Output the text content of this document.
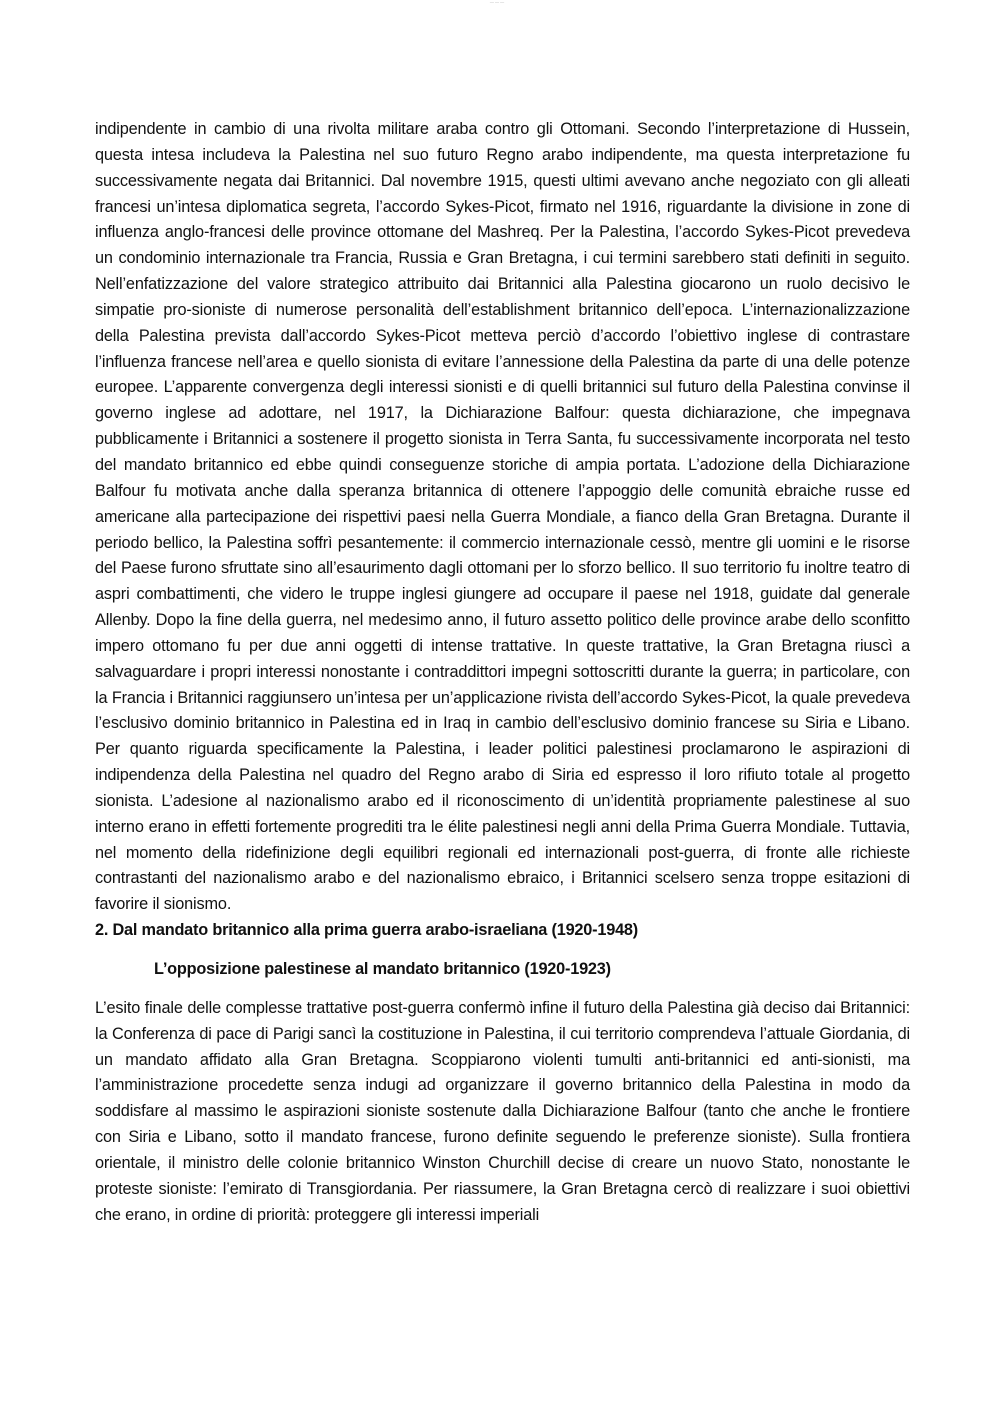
— — —

indipendente in cambio di una rivolta militare araba contro gli Ottomani. Secondo l’interpretazione di Hussein, questa intesa includeva la Palestina nel suo futuro Regno arabo indipendente, ma questa interpretazione fu successivamente negata dai Britannici. Dal novembre 1915, questi ultimi avevano anche negoziato con gli alleati francesi un’intesa diplomatica segreta, l’accordo Sykes-Picot, firmato nel 1916, riguardante la divisione in zone di influenza anglo-francesi delle province ottomane del Mashreq. Per la Palestina, l’accordo Sykes-Picot prevedeva un condominio internazionale tra Francia, Russia e Gran Bretagna, i cui termini sarebbero stati definiti in seguito. Nell’enfatizzazione del valore strategico attribuito dai Britannici alla Palestina giocarono un ruolo decisivo le simpatie pro-sioniste di numerose personalità dell’establishment britannico dell’epoca. L’internazionalizzazione della Palestina prevista dall’accordo Sykes-Picot metteva perciò d’accordo l’obiettivo inglese di contrastare l’influenza francese nell’area e quello sionista di evitare l’annessione della Palestina da parte di una delle potenze europee. L’apparente convergenza degli interessi sionisti e di quelli britannici sul futuro della Palestina convinse il governo inglese ad adottare, nel 1917, la Dichiarazione Balfour: questa dichiarazione, che impegnava pubblicamente i Britannici a sostenere il progetto sionista in Terra Santa, fu successivamente incorporata nel testo del mandato britannico ed ebbe quindi conseguenze storiche di ampia portata. L’adozione della Dichiarazione Balfour fu motivata anche dalla speranza britannica di ottenere l’appoggio delle comunità ebraiche russe ed americane alla partecipazione dei rispettivi paesi nella Guerra Mondiale, a fianco della Gran Bretagna. Durante il periodo bellico, la Palestina soffrì pesantemente: il commercio internazionale cessò, mentre gli uomini e le risorse del Paese furono sfruttate sino all’esaurimento dagli ottomani per lo sforzo bellico. Il suo territorio fu inoltre teatro di aspri combattimenti, che videro le truppe inglesi giungere ad occupare il paese nel 1918, guidate dal generale Allenby. Dopo la fine della guerra, nel medesimo anno, il futuro assetto politico delle province arabe dello sconfitto impero ottomano fu per due anni oggetti di intense trattative. In queste trattative, la Gran Bretagna riuscì a salvaguardare i propri interessi nonostante i contraddittori impegni sottoscritti durante la guerra; in particolare, con la Francia i Britannici raggiunsero un’intesa per un’applicazione rivista dell’accordo Sykes-Picot, la quale prevedeva l’esclusivo dominio britannico in Palestina ed in Iraq in cambio dell’esclusivo dominio francese su Siria e Libano. Per quanto riguarda specificamente la Palestina, i leader politici palestinesi proclamarono le aspirazioni di indipendenza della Palestina nel quadro del Regno arabo di Siria ed espresso il loro rifiuto totale al progetto sionista. L’adesione al nazionalismo arabo ed il riconoscimento di un’identità propriamente palestinese al suo interno erano in effetti fortemente progrediti tra le élite palestinesi negli anni della Prima Guerra Mondiale. Tuttavia, nel momento della ridefinizione degli equilibri regionali ed internazionali post-guerra, di fronte alle richieste contrastanti del nazionalismo arabo e del nazionalismo ebraico, i Britannici scelsero senza troppe esitazioni di favorire il sionismo.

2. Dal mandato britannico alla prima guerra arabo-israeliana (1920-1948)

L’opposizione palestinese al mandato britannico (1920-1923)

L’esito finale delle complesse trattative post-guerra confermò infine il futuro della Palestina già deciso dai Britannici: la Conferenza di pace di Parigi sancì la costituzione in Palestina, il cui territorio comprendeva l’attuale Giordania, di un mandato affidato alla Gran Bretagna. Scoppiarono violenti tumulti anti-britannici ed anti-sionisti, ma l’amministrazione procedette senza indugi ad organizzare il governo britannico della Palestina in modo da soddisfare al massimo le aspirazioni sioniste sostenute dalla Dichiarazione Balfour (tanto che anche le frontiere con Siria e Libano, sotto il mandato francese, furono definite seguendo le preferenze sioniste). Sulla frontiera orientale, il ministro delle colonie britannico Winston Churchill decise di creare un nuovo Stato, nonostante le proteste sioniste: l’emirato di Transgiordania. Per riassumere, la Gran Bretagna cercò di realizzare i suoi obiettivi che erano, in ordine di priorità: proteggere gli interessi imperiali
